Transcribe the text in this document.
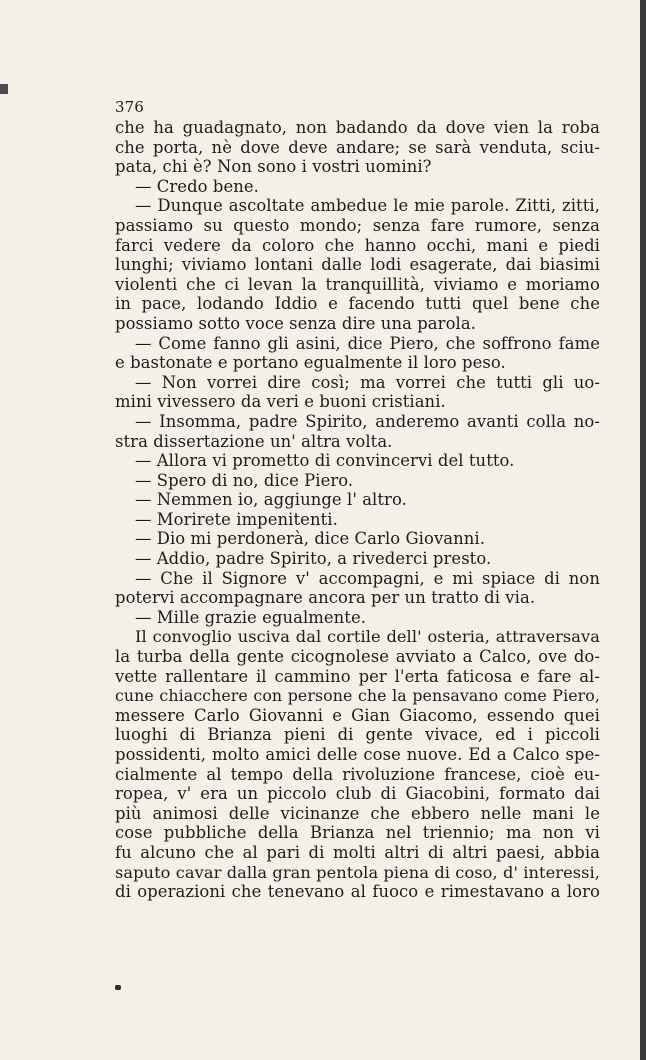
376
che ha guadagnato, non badando da dove vien la roba
che porta, nè dove deve andare; se sarà venduta, sciu-
pata, chi è? Non sono i vostri uomini?
— Credo bene.
— Dunque ascoltate ambedue le mie parole. Zitti, zitti,
passiamo su questo mondo; senza fare rumore, senza
farci vedere da coloro che hanno occhi, mani e piedi
lunghi; viviamo lontani dalle lodi esagerate, dai biasimi
violenti che ci levan la tranquillità, viviamo e moriamo
in pace, lodando Iddio e facendo tutti quel bene che
possiamo sotto voce senza dire una parola.
— Come fanno gli asini, dice Piero, che soffrono fame
e bastonate e portano egualmente il loro peso.
— Non vorrei dire così; ma vorrei che tutti gli uo-
mini vivessero da veri e buoni cristiani.
— Insomma, padre Spirito, anderemo avanti colla no-
stra dissertazione un' altra volta.
— Allora vi prometto di convincervi del tutto.
— Spero di no, dice Piero.
— Nemmen io, aggiunge l' altro.
— Morirete impenitenti.
— Dio mi perdonerà, dice Carlo Giovanni.
— Addio, padre Spirito, a rivederci presto.
— Che il Signore v' accompagni, e mi spiace di non
potervi accompagnare ancora per un tratto di via.
— Mille grazie egualmente.
Il convoglio usciva dal cortile dell' osteria, attraversava
la turba della gente cicognolese avviato a Calco, ove do-
vette rallentare il cammino per l'erta faticosa e fare al-
cune chiacchere con persone che la pensavano come Piero,
messere Carlo Giovanni e Gian Giacomo, essendo quei
luoghi di Brianza pieni di gente vivace, ed i piccoli
possidenti, molto amici delle cose nuove. Ed a Calco spe-
cialmente al tempo della rivoluzione francese, cioè eu-
ropea, v' era un piccolo club di Giacobini, formato dai
più animosi delle vicinanze che ebbero nelle mani le
cose pubbliche della Brianza nel triennio; ma non vi
fu alcuno che al pari di molti altri di altri paesi, abbia
saputo cavar dalla gran pentola piena di coso, d' interessi,
di operazioni che tenevano al fuoco e rimestavano a loro
